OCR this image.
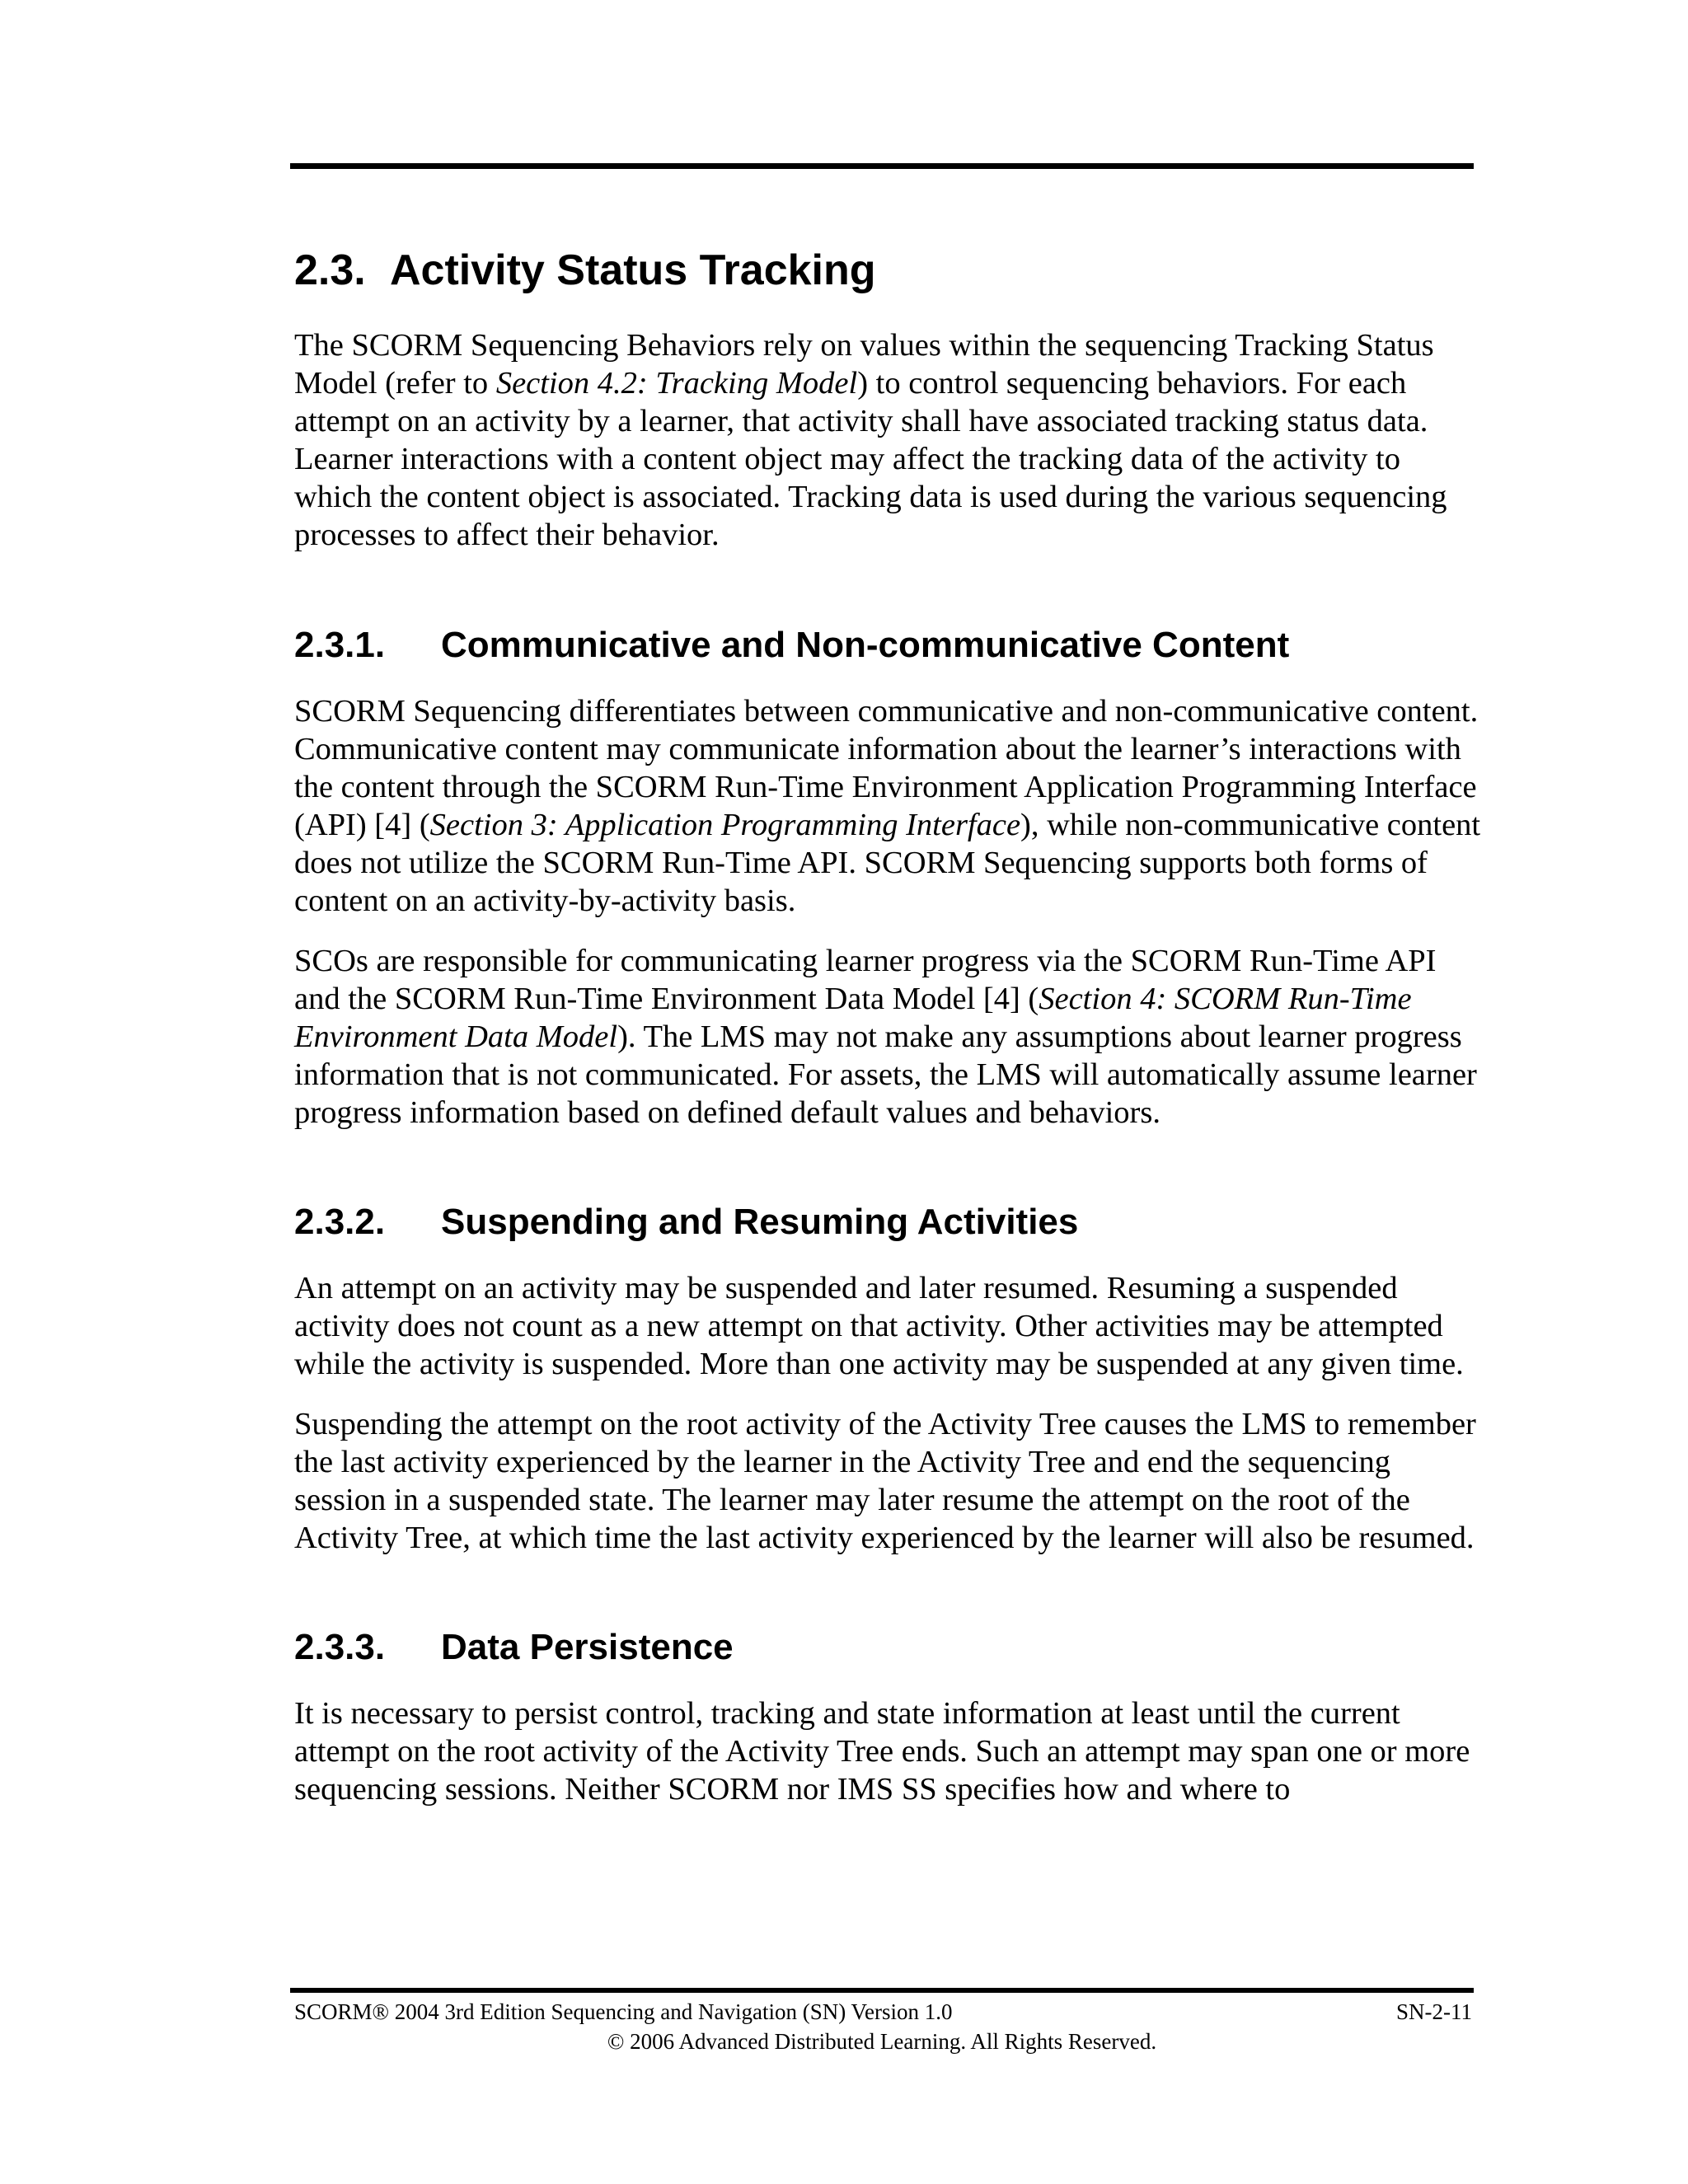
2.3. Activity Status Tracking

The SCORM Sequencing Behaviors rely on values within the sequencing Tracking Status Model (refer to Section 4.2: Tracking Model) to control sequencing behaviors. For each attempt on an activity by a learner, that activity shall have associated tracking status data. Learner interactions with a content object may affect the tracking data of the activity to which the content object is associated. Tracking data is used during the various sequencing processes to affect their behavior.

2.3.1. Communicative and Non-communicative Content

SCORM Sequencing differentiates between communicative and non-communicative content. Communicative content may communicate information about the learner’s interactions with the content through the SCORM Run-Time Environment Application Programming Interface (API) [4] (Section 3: Application Programming Interface), while non-communicative content does not utilize the SCORM Run-Time API. SCORM Sequencing supports both forms of content on an activity-by-activity basis.

SCOs are responsible for communicating learner progress via the SCORM Run-Time API and the SCORM Run-Time Environment Data Model [4] (Section 4: SCORM Run-Time Environment Data Model). The LMS may not make any assumptions about learner progress information that is not communicated. For assets, the LMS will automatically assume learner progress information based on defined default values and behaviors.

2.3.2. Suspending and Resuming Activities

An attempt on an activity may be suspended and later resumed. Resuming a suspended activity does not count as a new attempt on that activity. Other activities may be attempted while the activity is suspended. More than one activity may be suspended at any given time.

Suspending the attempt on the root activity of the Activity Tree causes the LMS to remember the last activity experienced by the learner in the Activity Tree and end the sequencing session in a suspended state. The learner may later resume the attempt on the root of the Activity Tree, at which time the last activity experienced by the learner will also be resumed.

2.3.3. Data Persistence

It is necessary to persist control, tracking and state information at least until the current attempt on the root activity of the Activity Tree ends. Such an attempt may span one or more sequencing sessions. Neither SCORM nor IMS SS specifies how and where to

SCORM® 2004 3rd Edition Sequencing and Navigation (SN) Version 1.0	SN-2-11
© 2006 Advanced Distributed Learning. All Rights Reserved.
